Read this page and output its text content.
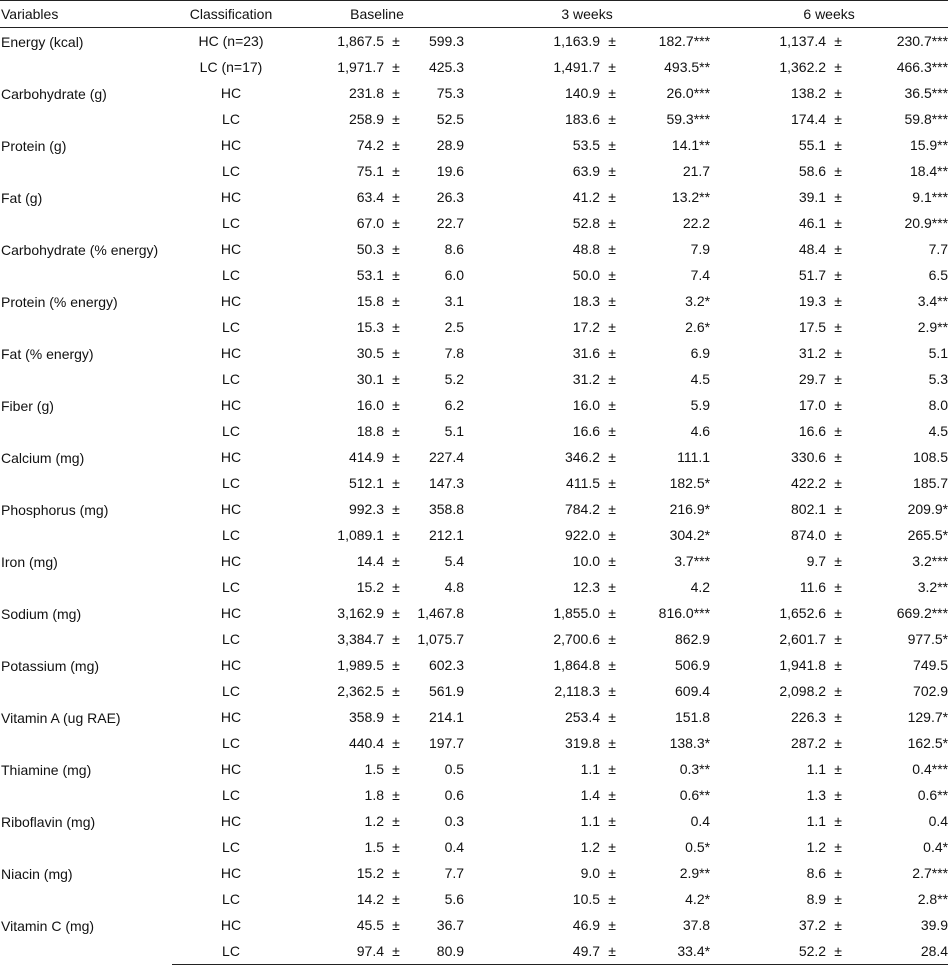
Variables	Classification	Baseline			3 weeks			6 weeks		
Energy (kcal)	HC (n=23)	1,867.5	±	599.3	1,163.9	±	182.7***	1,137.4	±	230.7***
	LC (n=17)	1,971.7	±	425.3	1,491.7	±	493.5**	1,362.2	±	466.3***
Carbohydrate (g)	HC	231.8	±	75.3	140.9	±	26.0***	138.2	±	36.5***
	LC	258.9	±	52.5	183.6	±	59.3***	174.4	±	59.8***
Protein (g)	HC	74.2	±	28.9	53.5	±	14.1**	55.1	±	15.9**
	LC	75.1	±	19.6	63.9	±	21.7	58.6	±	18.4**
Fat (g)	HC	63.4	±	26.3	41.2	±	13.2**	39.1	±	9.1***
	LC	67.0	±	22.7	52.8	±	22.2	46.1	±	20.9***
Carbohydrate (% energy)	HC	50.3	±	8.6	48.8	±	7.9	48.4	±	7.7
	LC	53.1	±	6.0	50.0	±	7.4	51.7	±	6.5
Protein (% energy)	HC	15.8	±	3.1	18.3	±	3.2*	19.3	±	3.4**
	LC	15.3	±	2.5	17.2	±	2.6*	17.5	±	2.9**
Fat (% energy)	HC	30.5	±	7.8	31.6	±	6.9	31.2	±	5.1
	LC	30.1	±	5.2	31.2	±	4.5	29.7	±	5.3
Fiber (g)	HC	16.0	±	6.2	16.0	±	5.9	17.0	±	8.0
	LC	18.8	±	5.1	16.6	±	4.6	16.6	±	4.5
Calcium (mg)	HC	414.9	±	227.4	346.2	±	111.1	330.6	±	108.5
	LC	512.1	±	147.3	411.5	±	182.5*	422.2	±	185.7
Phosphorus (mg)	HC	992.3	±	358.8	784.2	±	216.9*	802.1	±	209.9*
	LC	1,089.1	±	212.1	922.0	±	304.2*	874.0	±	265.5*
Iron (mg)	HC	14.4	±	5.4	10.0	±	3.7***	9.7	±	3.2***
	LC	15.2	±	4.8	12.3	±	4.2	11.6	±	3.2**
Sodium (mg)	HC	3,162.9	±	1,467.8	1,855.0	±	816.0***	1,652.6	±	669.2***
	LC	3,384.7	±	1,075.7	2,700.6	±	862.9	2,601.7	±	977.5*
Potassium (mg)	HC	1,989.5	±	602.3	1,864.8	±	506.9	1,941.8	±	749.5
	LC	2,362.5	±	561.9	2,118.3	±	609.4	2,098.2	±	702.9
Vitamin A (ug RAE)	HC	358.9	±	214.1	253.4	±	151.8	226.3	±	129.7*
	LC	440.4	±	197.7	319.8	±	138.3*	287.2	±	162.5*
Thiamine (mg)	HC	1.5	±	0.5	1.1	±	0.3**	1.1	±	0.4***
	LC	1.8	±	0.6	1.4	±	0.6**	1.3	±	0.6**
Riboflavin (mg)	HC	1.2	±	0.3	1.1	±	0.4	1.1	±	0.4
	LC	1.5	±	0.4	1.2	±	0.5*	1.2	±	0.4*
Niacin (mg)	HC	15.2	±	7.7	9.0	±	2.9**	8.6	±	2.7***
	LC	14.2	±	5.6	10.5	±	4.2*	8.9	±	2.8**
Vitamin C (mg)	HC	45.5	±	36.7	46.9	±	37.8	37.2	±	39.9
	LC	97.4	±	80.9	49.7	±	33.4*	52.2	±	28.4
